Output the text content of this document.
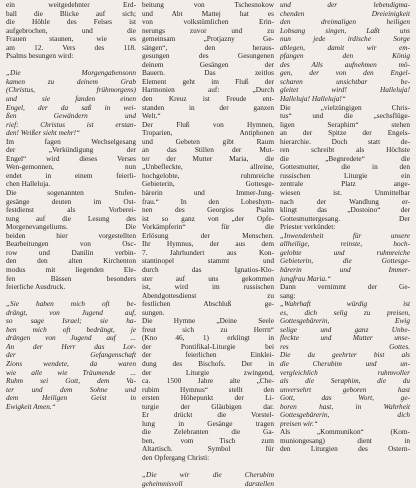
ein weitgedehnter Erd-
ball die Blicke auf sich;
die Höhle des Felses ist
aufgebrochen, und die
Frauen staunen, wie es
am 12. Vers des 118.
Psalms besungen wird:
„Die Morgengabensonn
kamen zu deinem Grab
(Christus, frühmorgens)
und sie fanden einen
Engel, der da saß in wei-
ßen Gewändern und
rief: Christus ist erstan-
den! Weißer sieht mehr!“
Im fagen Wechselgesang
der „Verkündigung der
Engel“ wird dieses Verses
Wen-gemonnen, nun
endet in einem feierli-
chen Halleluja.
Die sogenannten Stufen-
gesänge deuten im Ost-
festdienst als Vorberei-
tung auf die Lesung des
Morgenevangeliums. Die
beiden hier vorgestellten
Bearbeitungen von Osc-
row und Danilin verbin-
den den alten Kirchenton
modus mit liegenden Ele-
fen Bässen besonders
feierliche Ausdruck.
„Sie haben mich oft be-
drängt, von Jugend auf,
so sage Israel; sie ha-
ben mich oft bedrängt, je
drängen von Jugend auf ...
An der Herr das Lor-
der Gefangenschaft
Zions wendete, da waren
wie alle wie Träumende ...
Ruhm sei Gott, dem Va-
ter und dem Sohne und
dem Heiligen Geist in
Ewigkeit Amen.“
beitung von Tschesnokow
und Abt Mattej hat es
von volkstümlichen Erin-
nerungs zuvor und zu
gemeinsam „Protjazny Ge-
sängen“, den heraus-
gesungen des Gesungenen
deinem Gesängen der
Bauern. Das zeitlos
Element geht im Fluß der
Harmonien auf: „Durch
den Kreuz ist Freude ent-
standen in der ganzen
Welt.“
Der Fluß von Hymnen,
Troparien, Antiphonen
und Gebeten gibt Raum
an das Stillen der Mut-
ter der Mutter Maria, die
„Unbefleckte, allreine,
hochgelobte, ruhmreiche
Gebieterin, Gottesge-
bärerin und Immer-Jung-
frau.“ In den Lobeshym-
nen des Georgios Psalm
ist so ganz von „der Opfe-
Vorkämpferin“ für die
Erlösung der Menschen.
Ihr Hymnus, der aus dem
7. Jahrhundert aus Kon-
stantinopel stammt und
durch das Ignatios-Klo-
ster auf uns gekommen
ist, wird im russischen
Abendgottesdienst zu
festlichen Abschluß ge-
sungen.
Die Hymne „Deine Seele
freut sich zu Herrn“
(Kno 46, 1) erklingt in
der Pontifikal-Liturgie bei
der feierlichen Einklei-
dung des Bischofs. Der in
der Liturgie zwingend,
ca. 1500 Jahre alte „Che-
rubim Hymnus“ stellt den
ersten Höhepunkt der Li-
turgie der Gläubigen dar.
Er drückt die Vorstel-
lung in Gesänge tragen
die Zelebranten die Ga-
ben, vom Tisch zum
Altartisch. Symbol für
den Opfergang Christi:
„Die wir die Cherubim
geheimnisvoll darstellen
und der lebendigma-
chenden Dreieinigkeit
den dreimaligen heiligen
Lobsang singen, Laßt uns
nun jede irdische Sorge
ablegen, damit wir em-
pfangen den König
des Alls aufnehmen mö-
gen, der von den Engel-
scharen unsichtbar be-
gleitet wird! Halleluja!
Halleluja! Halleluja!“
Die „vielzüngigen Chris-
tus“ und die „sechsflüge-
ligen Seraphim“ stehen
an der Spitze der Engels-
hierarchie. Doch statt de-
ren schreibt als Höchste
die „Begnredete“ die
Gottesmutter, die in den
russischen Liturgie ein
zentrale Platz ange-
wiesen ist. Unmittelbar
nach der Wandlung er-
klingt das „Dostoino“ der
Gottesmuttergesang. Der
Priester verkündet:
„Inwendenheit für unsere
allheilige, reinste, hoch-
gelobte und ruhmreiche
Gebieterin, die Gottesge-
bärerin und Immer-
jungfrau Maria.“
Dann vernimmt der Ge-
sang:
„Wahrhaft würdig ist
es, dich selig zu preisen,
Gottesgebärerin, Ewig
selige und ganz Unbe-
fleckte und Mutter unse-
res Gottes.
Die du geehrter bist als
die Cherubim und un-
vergleichlich ruhmvoller
als die Seraphim, die du
unversehrt geboren hast
Gott, das Wort, ge-
boren hast, in Wahrheit
Gottesgebärerin, dich
preisen wir.“
Als „Kommunikon“ (Kom-
muniongesang) dient in
den Liturgien des Ostern-
